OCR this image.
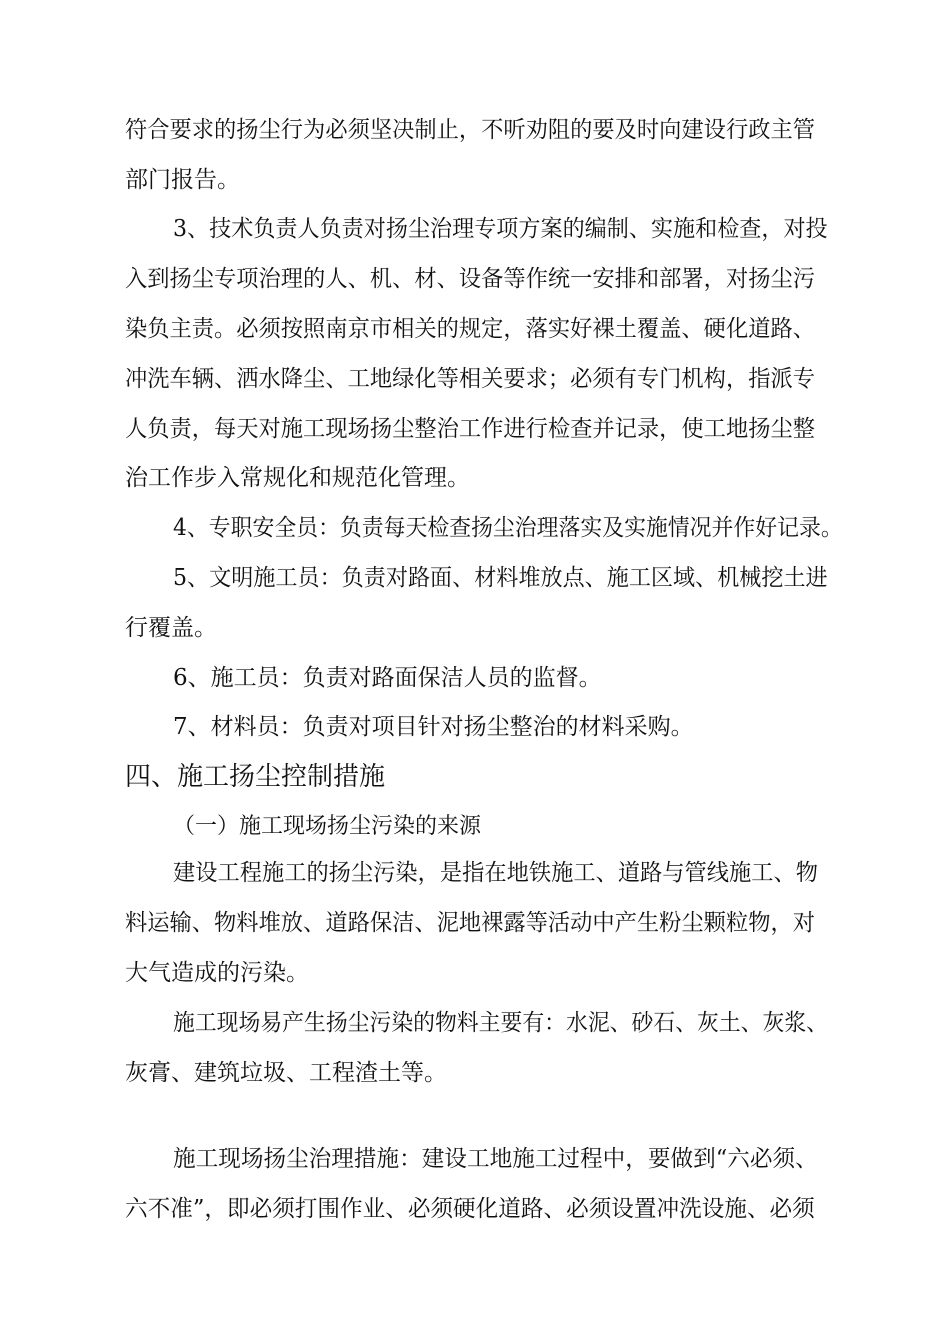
符合要求的扬尘行为必须坚决制止，不听劝阻的要及时向建设行政主管
部门报告。
3、技术负责人负责对扬尘治理专项方案的编制、实施和检查，对投
入到扬尘专项治理的人、机、材、设备等作统一安排和部署，对扬尘污
染负主责。必须按照南京市相关的规定，落实好裸土覆盖、硬化道路、
冲洗车辆、洒水降尘、工地绿化等相关要求；必须有专门机构，指派专
人负责，每天对施工现场扬尘整治工作进行检查并记录，使工地扬尘整
治工作步入常规化和规范化管理。
4、专职安全员：负责每天检查扬尘治理落实及实施情况并作好记录。
5、文明施工员：负责对路面、材料堆放点、施工区域、机械挖土进
行覆盖。
6、施工员：负责对路面保洁人员的监督。
7、材料员：负责对项目针对扬尘整治的材料采购。
四、施工扬尘控制措施
（一）施工现场扬尘污染的来源
建设工程施工的扬尘污染，是指在地铁施工、道路与管线施工、物
料运输、物料堆放、道路保洁、泥地裸露等活动中产生粉尘颗粒物，对
大气造成的污染。
施工现场易产生扬尘污染的物料主要有：水泥、砂石、灰土、灰浆、
灰膏、建筑垃圾、工程渣土等。
施工现场扬尘治理措施：建设工地施工过程中，要做到“六必须、
六不准”，即必须打围作业、必须硬化道路、必须设置冲洗设施、必须
